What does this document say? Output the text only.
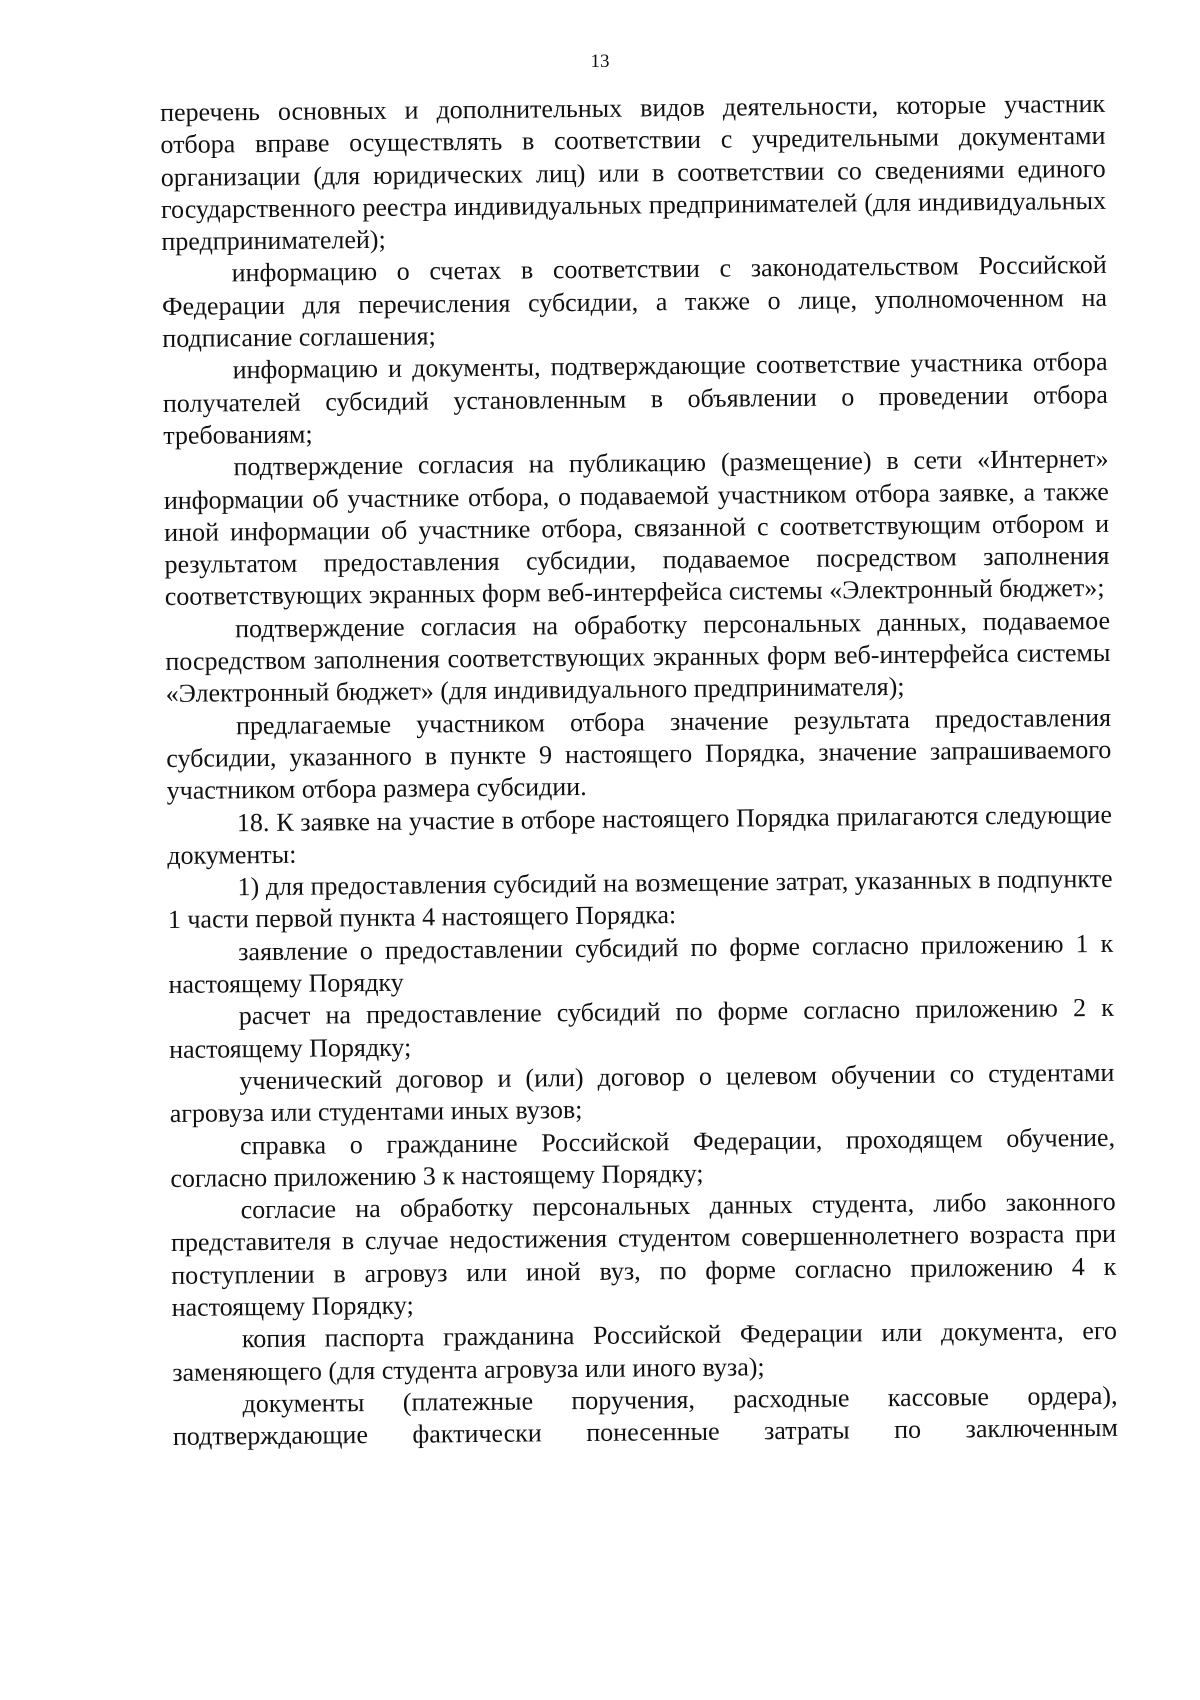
13

перечень основных и дополнительных видов деятельности, которые участник отбора вправе осуществлять в соответствии с учредительными документами организации (для юридических лиц) или в соответствии со сведениями единого государственного реестра индивидуальных предпринимателей (для индивидуальных предпринимателей);

информацию о счетах в соответствии с законодательством Российской Федерации для перечисления субсидии, а также о лице, уполномоченном на подписание соглашения;

информацию и документы, подтверждающие соответствие участника отбора получателей субсидий установленным в объявлении о проведении отбора требованиям;

подтверждение согласия на публикацию (размещение) в сети «Интернет» информации об участнике отбора, о подаваемой участником отбора заявке, а также иной информации об участнике отбора, связанной с соответствующим отбором и результатом предоставления субсидии, подаваемое посредством заполнения соответствующих экранных форм веб-интерфейса системы «Электронный бюджет»;

подтверждение согласия на обработку персональных данных, подаваемое посредством заполнения соответствующих экранных форм веб-интерфейса системы «Электронный бюджет» (для индивидуального предпринимателя);

предлагаемые участником отбора значение результата предоставления субсидии, указанного в пункте 9 настоящего Порядка, значение запрашиваемого участником отбора размера субсидии.

18. К заявке на участие в отборе настоящего Порядка прилагаются следующие документы:

1) для предоставления субсидий на возмещение затрат, указанных в подпункте 1 части первой пункта 4 настоящего Порядка:

заявление о предоставлении субсидий по форме согласно приложению 1 к настоящему Порядку

расчет на предоставление субсидий по форме согласно приложению 2 к настоящему Порядку;

ученический договор и (или) договор о целевом обучении со студентами агровуза или студентами иных вузов;

справка о гражданине Российской Федерации, проходящем обучение, согласно приложению 3 к настоящему Порядку;

согласие на обработку персональных данных студента, либо законного представителя в случае недостижения студентом совершеннолетнего возраста при поступлении в агровуз или иной вуз, по форме согласно приложению 4 к настоящему Порядку;

копия паспорта гражданина Российской Федерации или документа, его заменяющего (для студента агровуза или иного вуза);

документы (платежные поручения, расходные кассовые ордера), подтверждающие фактически понесенные затраты по заключенным
